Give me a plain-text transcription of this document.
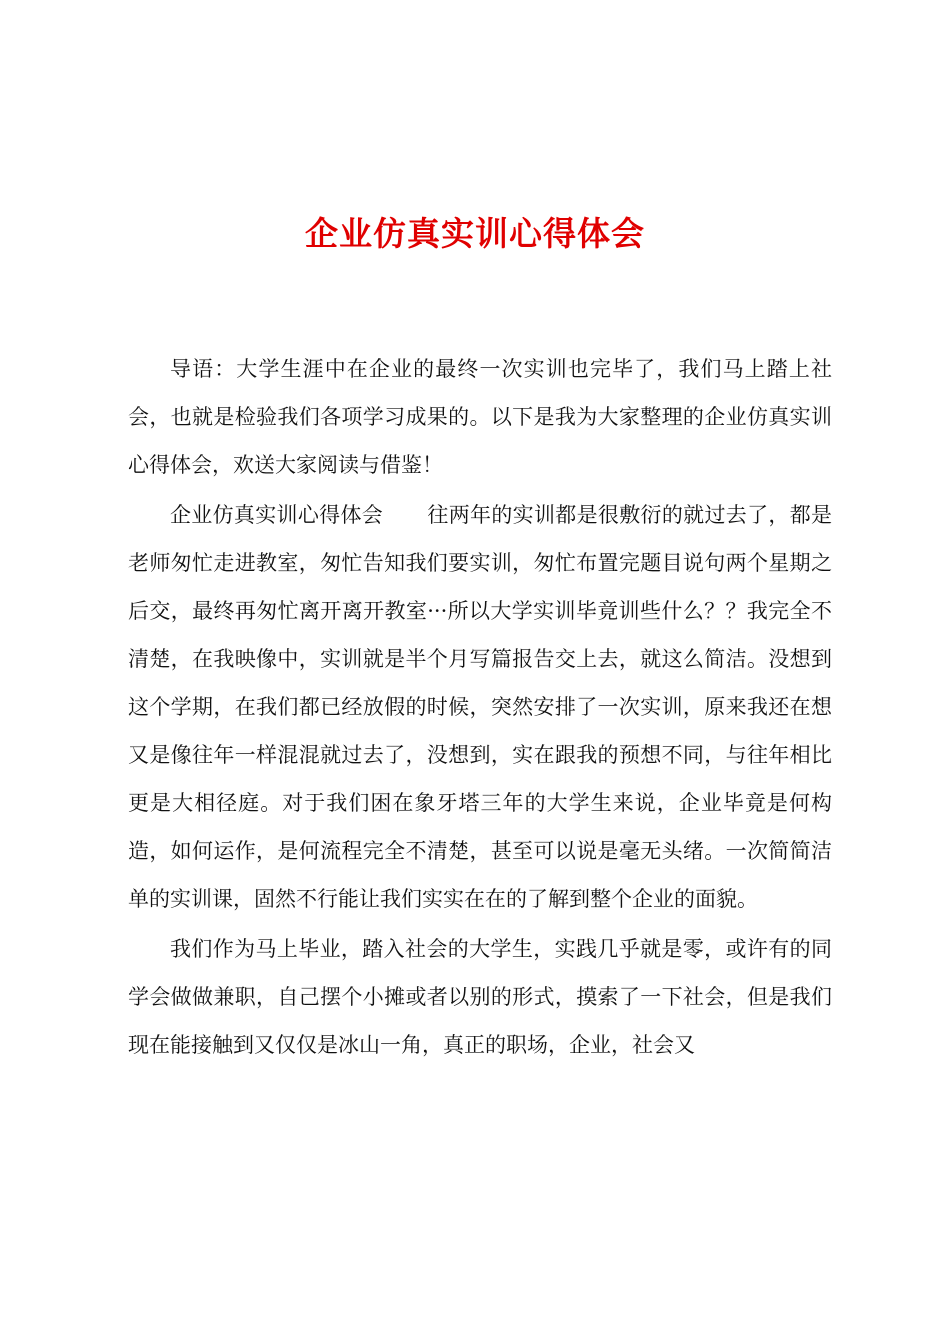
企业仿真实训心得体会

导语：大学生涯中在企业的最终一次实训也完毕了，我们马上踏上社会，也就是检验我们各项学习成果的。以下是我为大家整理的企业仿真实训心得体会，欢送大家阅读与借鉴！

企业仿真实训心得体会 往两年的实训都是很敷衍的就过去了，都是老师匆忙走进教室，匆忙告知我们要实训，匆忙布置完题目说句两个星期之后交，最终再匆忙离开离开教室···所以大学实训毕竟训些什么？？我完全不清楚，在我映像中，实训就是半个月写篇报告交上去，就这么简洁。没想到这个学期，在我们都已经放假的时候，突然安排了一次实训，原来我还在想又是像往年一样混混就过去了，没想到，实在跟我的预想不同，与往年相比更是大相径庭。对于我们困在象牙塔三年的大学生来说，企业毕竟是何构造，如何运作，是何流程完全不清楚，甚至可以说是毫无头绪。一次简简洁单的实训课，固然不行能让我们实实在在的了解到整个企业的面貌。

我们作为马上毕业，踏入社会的大学生，实践几乎就是零，或许有的同学会做做兼职，自己摆个小摊或者以别的形式，摸索了一下社会，但是我们现在能接触到又仅仅是冰山一角，真正的职场，企业，社会又
